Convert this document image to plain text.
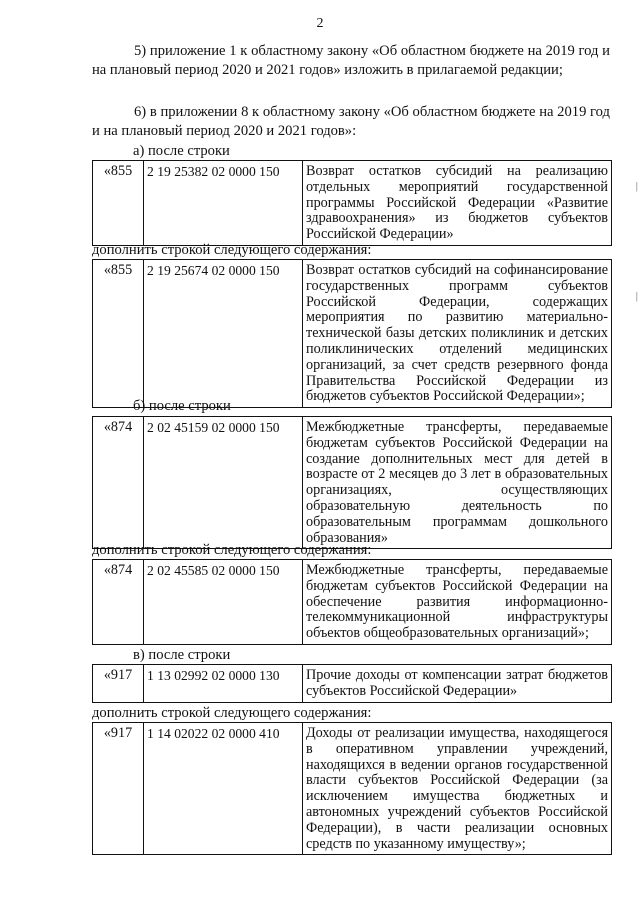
2

5) приложение 1 к областному закону «Об областном бюджете на 2019 год и на плановый период 2020 и 2021 годов» изложить в прилагаемой редакции;

6) в приложении 8 к областному закону «Об областном бюджете на 2019 год и на плановый период 2020 и 2021 годов»:

а) после строки

«855	2 19 25382 02 0000 150	Возврат остатков субсидий на реализацию отдельных мероприятий государственной программы Российской Федерации «Развитие здравоохранения» из бюджетов субъектов Российской Федерации»

дополнить строкой следующего содержания:

«855	2 19 25674 02 0000 150	Возврат остатков субсидий на софинансирование государственных программ субъектов Российской Федерации, содержащих мероприятия по развитию материально-технической базы детских поликлиник и детских поликлинических отделений медицинских организаций, за счет средств резервного фонда Правительства Российской Федерации из бюджетов субъектов Российской Федерации»;

б) после строки

«874	2 02 45159 02 0000 150	Межбюджетные трансферты, передаваемые бюджетам субъектов Российской Федерации на создание дополнительных мест для детей в возрасте от 2 месяцев до 3 лет в образовательных организациях, осуществляющих образовательную деятельность по образовательным программам дошкольного образования»

дополнить строкой следующего содержания:

«874	2 02 45585 02 0000 150	Межбюджетные трансферты, передаваемые бюджетам субъектов Российской Федерации на обеспечение развития информационно-телекоммуникационной инфраструктуры объектов общеобразовательных организаций»;

в) после строки

«917	1 13 02992 02 0000 130	Прочие доходы от компенсации затрат бюджетов субъектов Российской Федерации»

дополнить строкой следующего содержания:

«917	1 14 02022 02 0000 410	Доходы от реализации имущества, находящегося в оперативном управлении учреждений, находящихся в ведении органов государственной власти субъектов Российской Федерации (за исключением имущества бюджетных и автономных учреждений субъектов Российской Федерации), в части реализации основных средств по указанному имуществу»;
|
|
